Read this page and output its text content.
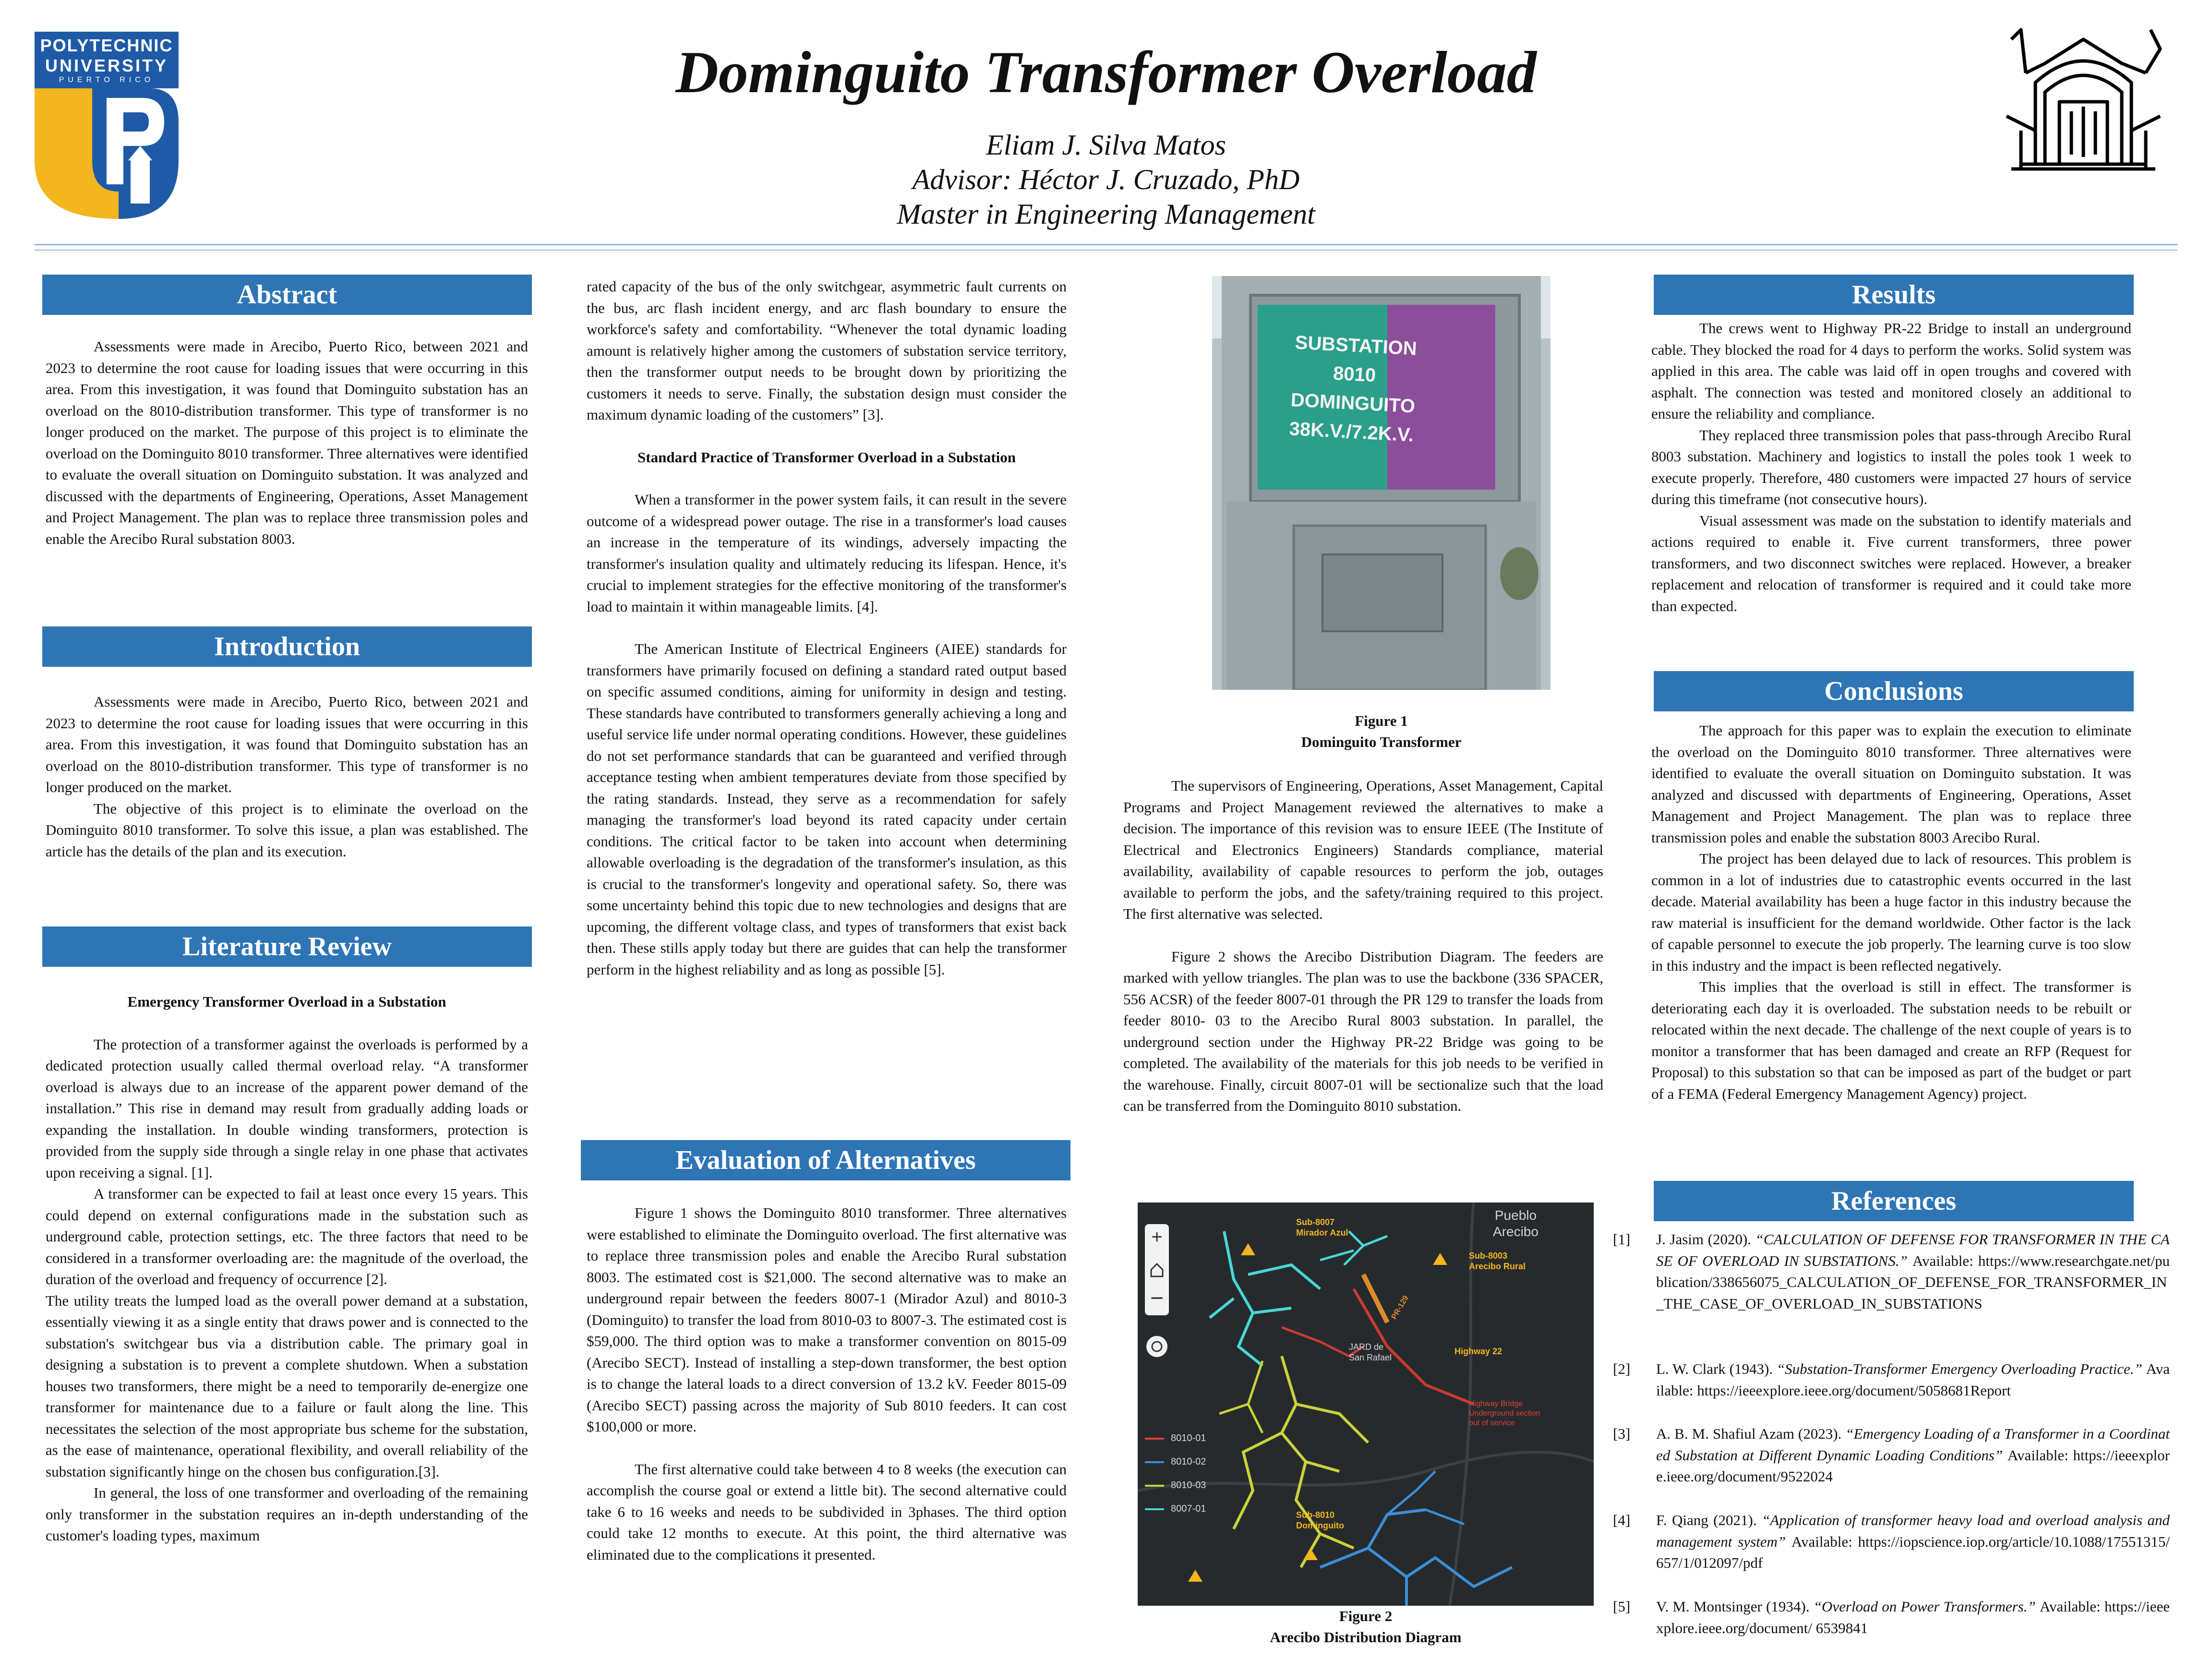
POLYTECHNIC
UNIVERSITY
PUERTO RICO	Dominguito Transformer Overload
Eliam J. Silva Matos
Advisor: Héctor J. Cruzado, PhD
Master in Engineering Management
Abstract

Assessments were made in Arecibo, Puerto Rico, between 2021 and 2023 to determine the root cause for loading issues that were occurring in this area. From this investigation, it was found that Dominguito substation has an overload on the 8010-distribution transformer. This type of transformer is no longer produced on the market. The purpose of this project is to eliminate the overload on the Dominguito 8010 transformer. Three alternatives were identified to evaluate the overall situation on Dominguito substation. It was analyzed and discussed with the departments of Engineering, Operations, Asset Management and Project Management. The plan was to replace three transmission poles and enable the Arecibo Rural substation 8003.

Introduction

Assessments were made in Arecibo, Puerto Rico, between 2021 and 2023 to determine the root cause for loading issues that were occurring in this area. From this investigation, it was found that Dominguito substation has an overload on the 8010-distribution transformer. This type of transformer is no longer produced on the market.

The objective of this project is to eliminate the overload on the Dominguito 8010 transformer. To solve this issue, a plan was established. The article has the details of the plan and its execution.

Literature Review

Emergency Transformer Overload in a Substation

The protection of a transformer against the overloads is performed by a dedicated protection usually called thermal overload relay. “A transformer overload is always due to an increase of the apparent power demand of the installation.” This rise in demand may result from gradually adding loads or expanding the installation. In double winding transformers, protection is provided from the supply side through a single relay in one phase that activates upon receiving a signal. [1].

A transformer can be expected to fail at least once every 15 years. This could depend on external configurations made in the substation such as underground cable, protection settings, etc. The three factors that need to be considered in a transformer overloading are: the magnitude of the overload, the duration of the overload and frequency of occurrence [2].

The utility treats the lumped load as the overall power demand at a substation, essentially viewing it as a single entity that draws power and is connected to the substation's switchgear bus via a distribution cable. The primary goal in designing a substation is to prevent a complete shutdown. When a substation houses two transformers, there might be a need to temporarily de-energize one transformer for maintenance due to a failure or fault along the line. This necessitates the selection of the most appropriate bus scheme for the substation, as the ease of maintenance, operational flexibility, and overall reliability of the substation significantly hinge on the chosen bus configuration.[3].

In general, the loss of one transformer and overloading of the remaining only transformer in the substation requires an in-depth understanding of the customer's loading types, maximum

rated capacity of the bus of the only switchgear, asymmetric fault currents on the bus, arc flash incident energy, and arc flash boundary to ensure the workforce's safety and comfortability. “Whenever the total dynamic loading amount is relatively higher among the customers of substation service territory, then the transformer output needs to be brought down by prioritizing the customers it needs to serve. Finally, the substation design must consider the maximum dynamic loading of the customers” [3].

Standard Practice of Transformer Overload in a Substation

When a transformer in the power system fails, it can result in the severe outcome of a widespread power outage. The rise in a transformer's load causes an increase in the temperature of its windings, adversely impacting the transformer's insulation quality and ultimately reducing its lifespan. Hence, it's crucial to implement strategies for the effective monitoring of the transformer's load to maintain it within manageable limits. [4].

The American Institute of Electrical Engineers (AIEE) standards for transformers have primarily focused on defining a standard rated output based on specific assumed conditions, aiming for uniformity in design and testing. These standards have contributed to transformers generally achieving a long and useful service life under normal operating conditions. However, these guidelines do not set performance standards that can be guaranteed and verified through acceptance testing when ambient temperatures deviate from those specified by the rating standards. Instead, they serve as a recommendation for safely managing the transformer's load beyond its rated capacity under certain conditions. The critical factor to be taken into account when determining allowable overloading is the degradation of the transformer's insulation, as this is crucial to the transformer's longevity and operational safety. So, there was some uncertainty behind this topic due to new technologies and designs that are upcoming, the different voltage class, and types of transformers that exist back then. These stills apply today but there are guides that can help the transformer perform in the highest reliability and as long as possible [5].

Evaluation of Alternatives

Figure 1 shows the Dominguito 8010 transformer. Three alternatives were established to eliminate the Dominguito overload. The first alternative was to replace three transmission poles and enable the Arecibo Rural substation 8003. The estimated cost is $21,000. The second alternative was to make an underground repair between the feeders 8007-1 (Mirador Azul) and 8010-3 (Dominguito) to transfer the load from 8010-03 to 8007-3. The estimated cost is $59,000. The third option was to make a transformer convention on 8015-09 (Arecibo SECT). Instead of installing a step-down transformer, the best option is to change the lateral loads to a direct conversion of 13.2 kV. Feeder 8015-09 (Arecibo SECT) passing across the majority of Sub 8010 feeders. It can cost $100,000 or more.

The first alternative could take between 4 to 8 weeks (the execution can accomplish the course goal or extend a little bit). The second alternative could take 6 to 16 weeks and needs to be subdivided in 3phases. The third option could take 12 months to execute. At this point, the third alternative was eliminated due to the complications it presented.

SUBSTATION
8010
DOMINGUITO
38K.V./7.2K.V.
Figure 1
Dominguito Transformer

The supervisors of Engineering, Operations, Asset Management, Capital Programs and Project Management reviewed the alternatives to make a decision. The importance of this revision was to ensure IEEE (The Institute of Electrical and Electronics Engineers) Standards compliance, material availability, availability of capable resources to perform the job, outages available to perform the jobs, and the safety/training required to this project. The first alternative was selected.

Figure 2 shows the Arecibo Distribution Diagram. The feeders are marked with yellow triangles. The plan was to use the backbone (336 SPACER, 556 ACSR) of the feeder 8007-01 through the PR 129 to transfer the loads from feeder 8010- 03 to the Arecibo Rural 8003 substation. In parallel, the underground section under the Highway PR-22 Bridge was going to be completed. The availability of the materials for this job needs to be verified in the warehouse. Finally, circuit 8007-01 will be sectionalize such that the load can be transferred from the Dominguito 8010 substation.

+
−
Pueblo
Arecibo
Sub-8007
Mirador Azul
Sub-8003
Arecibo Rural
JARD de
San Rafael
Highway 22
PR-129
Highway Bridge
Underground section
out of service
Sub-8010
Dominguito
8010-01
8010-02
8010-03
8007-01
Figure 2
Arecibo Distribution Diagram
Results

The crews went to Highway PR-22 Bridge to install an underground cable. They blocked the road for 4 days to perform the works. Solid system was applied in this area. The cable was laid off in open troughs and covered with asphalt. The connection was tested and monitored closely an additional to ensure the reliability and compliance.

They replaced three transmission poles that pass-through Arecibo Rural 8003 substation. Machinery and logistics to install the poles took 1 week to execute properly. Therefore, 480 customers were impacted 27 hours of service during this timeframe (not consecutive hours).

Visual assessment was made on the substation to identify materials and actions required to enable it. Five current transformers, three power transformers, and two disconnect switches were replaced. However, a breaker replacement and relocation of transformer is required and it could take more than expected.

Conclusions

The approach for this paper was to explain the execution to eliminate the overload on the Dominguito 8010 transformer. Three alternatives were identified to evaluate the overall situation on Dominguito substation. It was analyzed and discussed with departments of Engineering, Operations, Asset Management and Project Management. The plan was to replace three transmission poles and enable the substation 8003 Arecibo Rural.

The project has been delayed due to lack of resources. This problem is common in a lot of industries due to catastrophic events occurred in the last decade. Material availability has been a huge factor in this industry because the raw material is insufficient for the demand worldwide. Other factor is the lack of capable personnel to execute the job properly. The learning curve is too slow in this industry and the impact is been reflected negatively.

This implies that the overload is still in effect. The transformer is deteriorating each day it is overloaded. The substation needs to be rebuilt or relocated within the next decade. The challenge of the next couple of years is to monitor a transformer that has been damaged and create an RFP (Request for Proposal) to this substation so that can be imposed as part of the budget or part of a FEMA (Federal Emergency Management Agency) project.

References
[1] J. Jasim (2020). “CALCULATION OF DEFENSE FOR TRANSFORMER IN THE CASE OF OVERLOAD IN SUBSTATIONS.” Available: https://www.researchgate.net/publication/338656075_CALCULATION_OF_DEFENSE_FOR_TRANSFORMER_IN_THE_CASE_OF_OVERLOAD_IN_SUBSTATIONS
[2] L. W. Clark (1943). “Substation-Transformer Emergency Overloading Practice.” Available: https://ieeexplore.ieee.org/document/5058681Report
[3] A. B. M. Shafiul Azam (2023). “Emergency Loading of a Transformer in a Coordinated Substation at Different Dynamic Loading Conditions” Available: https://ieeexplore.ieee.org/document/9522024
[4] F. Qiang (2021). “Application of transformer heavy load and overload analysis and management system” Available: https://iopscience.iop.org/article/10.1088/17551315/657/1/012097/pdf
[5] V. M. Montsinger (1934). “Overload on Power Transformers.” Available: https://ieeexplore.ieee.org/document/ 6539841
